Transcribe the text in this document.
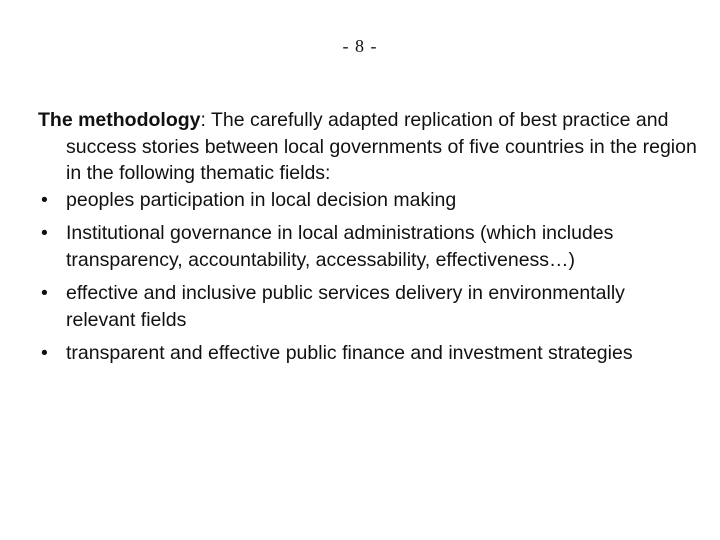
- 8 -

The methodology: The carefully adapted replication of best practice and success stories between local governments of five countries in the region in the following thematic fields:

• peoples participation in local decision making
• Institutional governance in local administrations (which includes transparency, accountability, accessability, effectiveness…)
• effective and inclusive public services delivery in environmentally relevant fields
• transparent and effective public finance and investment strategies
